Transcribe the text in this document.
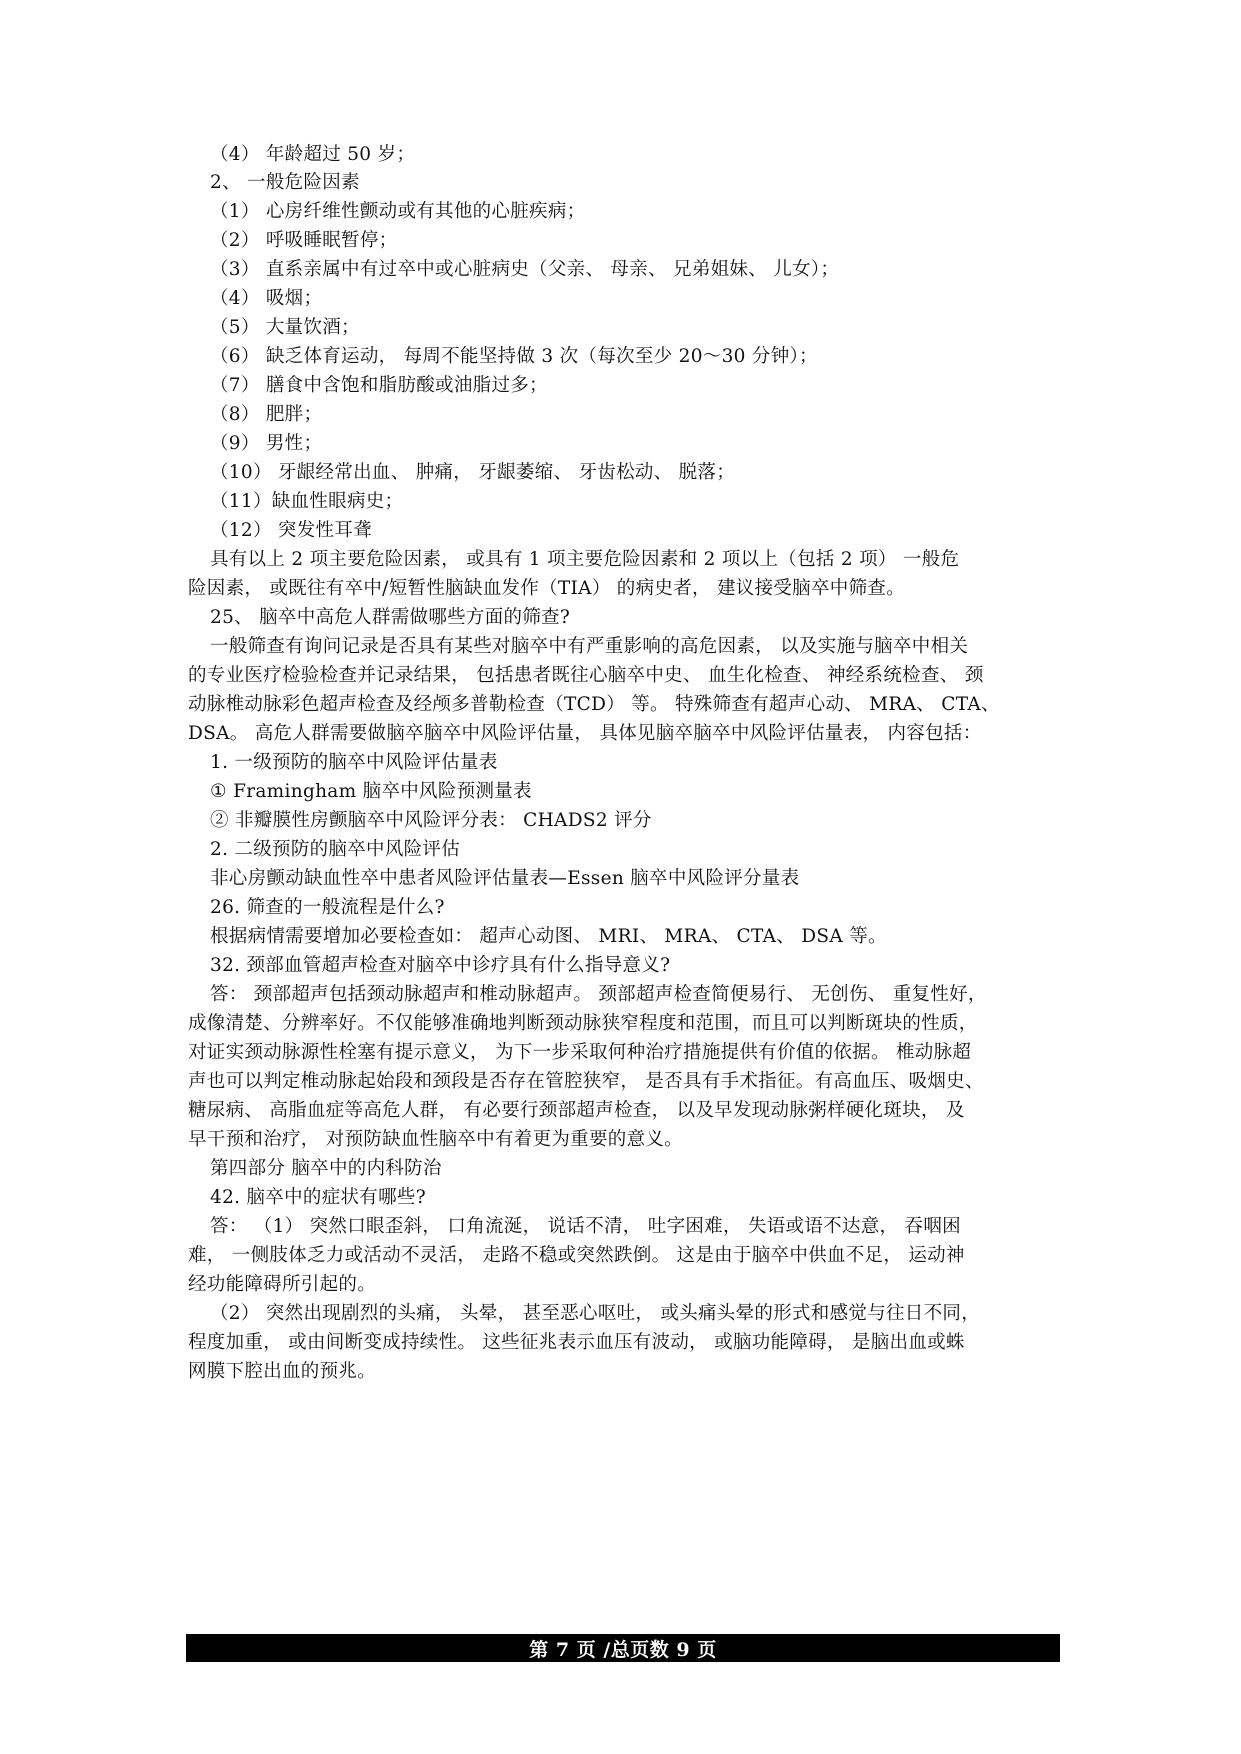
（4） 年龄超过 50 岁；
2、 一般危险因素
（1） 心房纤维性颤动或有其他的心脏疾病；
（2） 呼吸睡眠暂停；
（3） 直系亲属中有过卒中或心脏病史（父亲、 母亲、 兄弟姐妹、 儿女）；
（4） 吸烟；
（5） 大量饮酒；
（6） 缺乏体育运动， 每周不能坚持做 3 次（每次至少 20～30 分钟）；
（7） 膳食中含饱和脂肪酸或油脂过多；
（8） 肥胖；
（9） 男性；
（10） 牙龈经常出血、 肿痛， 牙龈萎缩、 牙齿松动、 脱落；
（11）缺血性眼病史；
（12） 突发性耳聋
具有以上 2 项主要危险因素， 或具有 1 项主要危险因素和 2 项以上（包括 2 项） 一般危
险因素， 或既往有卒中/短暂性脑缺血发作（TIA） 的病史者， 建议接受脑卒中筛查。
25、 脑卒中高危人群需做哪些方面的筛查?
一般筛查有询问记录是否具有某些对脑卒中有严重影响的高危因素， 以及实施与脑卒中相关
的专业医疗检验检查并记录结果， 包括患者既往心脑卒中史、 血生化检查、 神经系统检查、 颈
动脉椎动脉彩色超声检查及经颅多普勒检查（TCD） 等。 特殊筛查有超声心动、 MRA、 CTA、
DSA。 高危人群需要做脑卒脑卒中风险评估量， 具体见脑卒脑卒中风险评估量表， 内容包括：
1. 一级预防的脑卒中风险评估量表
① Framingham 脑卒中风险预测量表
② 非瓣膜性房颤脑卒中风险评分表： CHADS2 评分
2. 二级预防的脑卒中风险评估
非心房颤动缺血性卒中患者风险评估量表—Essen 脑卒中风险评分量表
26. 筛查的一般流程是什么?
根据病情需要增加必要检查如： 超声心动图、 MRI、 MRA、 CTA、 DSA 等。
32. 颈部血管超声检查对脑卒中诊疗具有什么指导意义?
答： 颈部超声包括颈动脉超声和椎动脉超声。 颈部超声检查简便易行、 无创伤、 重复性好，
成像清楚、分辨率好。不仅能够准确地判断颈动脉狭窄程度和范围，而且可以判断斑块的性质，
对证实颈动脉源性栓塞有提示意义， 为下一步采取何种治疗措施提供有价值的依据。 椎动脉超
声也可以判定椎动脉起始段和颈段是否存在管腔狭窄， 是否具有手术指征。有高血压、吸烟史、
糖尿病、 高脂血症等高危人群， 有必要行颈部超声检查， 以及早发现动脉粥样硬化斑块， 及
早干预和治疗， 对预防缺血性脑卒中有着更为重要的意义。
第四部分 脑卒中的内科防治
42. 脑卒中的症状有哪些?
答： （1） 突然口眼歪斜， 口角流涎， 说话不清， 吐字困难， 失语或语不达意， 吞咽困
难， 一侧肢体乏力或活动不灵活， 走路不稳或突然跌倒。 这是由于脑卒中供血不足， 运动神
经功能障碍所引起的。
（2） 突然出现剧烈的头痛， 头晕， 甚至恶心呕吐， 或头痛头晕的形式和感觉与往日不同，
程度加重， 或由间断变成持续性。 这些征兆表示血压有波动， 或脑功能障碍， 是脑出血或蛛
网膜下腔出血的预兆。
第 7 页 /总页数 9 页
